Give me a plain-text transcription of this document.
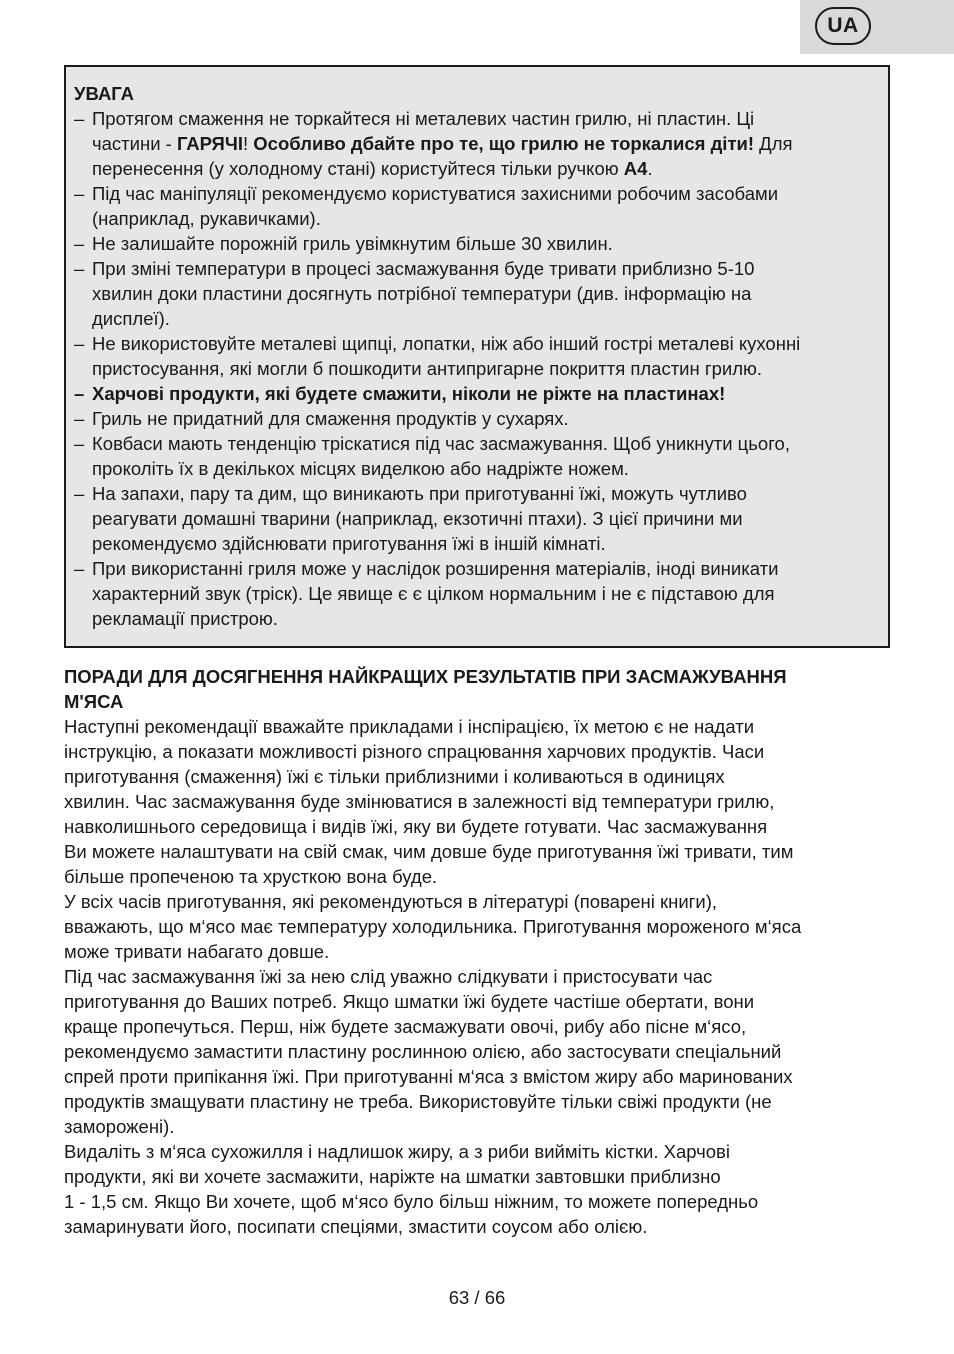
UA
УВАГА
– Протягом смаження не торкайтеся ні металевих частин грилю, ні пластин. Ці
частини - ГАРЯЧІ! Особливо дбайте про те, що грилю не торкалися діти! Для
перенесення (у холодному стані) користуйтеся тільки ручкою A4.
– Під час маніпуляції рекомендуємо користуватися захисними робочим засобами
(наприклад, рукавичками).
– Не залишайте порожній гриль увімкнутим більше 30 хвилин.
– При зміні температури в процесі засмажування буде тривати приблизно 5-10
хвилин доки пластини досягнуть потрібної температури (див. інформацію на
дисплеї).
– Не використовуйте металеві щипці, лопатки, ніж або інший гострі металеві кухонні
пристосування, які могли б пошкодити антипригарне покриття пластин грилю.
– Харчові продукти, які будете смажити, ніколи не ріжте на пластинах!
– Гриль не придатний для смаження продуктів у сухарях.
– Ковбаси мають тенденцію тріскатися під час засмажування. Щоб уникнути цього,
проколіть їх в декількох місцях виделкою або надріжте ножем.
– На запахи, пару та дим, що виникають при приготуванні їжі, можуть чутливо
реагувати домашні тварини (наприклад, екзотичні птахи). З цієї причини ми
рекомендуємо здійснювати приготування їжі в іншій кімнаті.
– При використанні гриля може у наслідок розширення матеріалів, іноді виникати
характерний звук (тріск). Це явище є є цілком нормальним і не є підставою для
рекламації пристрою.
ПОРАДИ ДЛЯ ДОСЯГНЕННЯ НАЙКРАЩИХ РЕЗУЛЬТАТІВ ПРИ ЗАСМАЖУВАННЯ
М'ЯСА

Наступні рекомендації вважайте прикладами і інспірацією, їх метою є не надати
інструкцію, а показати можливості різного спрацювання харчових продуктів. Часи
приготування (смаження) їжі є тільки приблизними і коливаються в одиницях
хвилин. Час засмажування буде змінюватися в залежності від температури грилю,
навколишнього середовища і видів їжі, яку ви будете готувати. Час засмажування
Ви можете налаштувати на свій смак, чим довше буде приготування їжі тривати, тим
більше пропеченою та хрусткою вона буде.

У всіх часів приготування, які рекомендуються в літературі (поварені книги),
вважають, що м‘ясо має температуру холодильника. Приготування мороженого м‘яса
може тривати набагато довше.

Під час засмажування їжі за нею слід уважно слідкувати і пристосувати час
приготування до Ваших потреб. Якщо шматки їжі будете частіше обертати, вони
краще пропечуться. Перш, ніж будете засмажувати овочі, рибу або пісне м‘ясо,
рекомендуємо замастити пластину рослинною олією, або застосувати спеціальний
спрей проти припікання їжі. При приготуванні м‘яса з вмістом жиру або маринованих
продуктів змащувати пластину не треба. Використовуйте тільки свіжі продукти (не
заморожені).

Видаліть з м‘яса сухожилля і надлишок жиру, а з риби вийміть кістки. Харчові
продукти, які ви хочете засмажити, наріжте на шматки завтовшки приблизно
1 - 1,5 см. Якщо Ви хочете, щоб м‘ясо було більш ніжним, то можете попередньо
замаринувати його, посипати спеціями, змастити соусом або олією.

63 / 66
